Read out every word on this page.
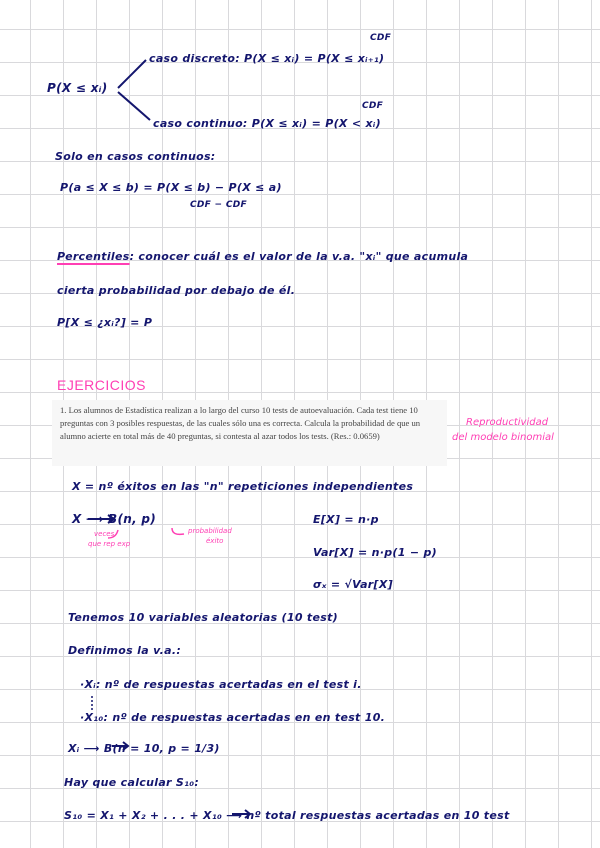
CDF
P(X ≤ xᵢ)
caso discreto: P(X ≤ xᵢ) = P(X ≤ xᵢ₊₁)
CDF
caso continuo: P(X ≤ xᵢ) = P(X < xᵢ)
Solo en casos continuos:
P(a ≤ X ≤ b) = P(X ≤ b) − P(X ≤ a)
CDF − CDF
Percentiles: conocer cuál es el valor de la v.a. "xᵢ" que acumula
cierta probabilidad por debajo de él.
P[X ≤ ¿xᵢ?] = P
EJERCICIOS

1. Los alumnos de Estadística realizan a lo largo del curso 10 tests de autoevaluación. Cada test tiene 10 preguntas con 3 posibles respuestas, de las cuales sólo una es correcta. Calcula la probabilidad de que un alumno acierte en total más de 40 preguntas, si contesta al azar todos los tests. (Res.: 0.0659)

Reproductividad
del modelo binomial
X = nº éxitos en las "n" repeticiones independientes
X ⟶ B(n, p)
veces
que rep exp
probabilidad
éxito
E[X] = n·p
Var[X] = n·p(1 − p)
σₓ = √Var[X]
Tenemos 10 variables aleatorias (10 test)
Definimos la v.a.:
·Xᵢ: nº de respuestas acertadas en el test i.
·X₁₀: nº de respuestas acertadas en en test 10.
Xᵢ ⟶ B(n = 10, p = 1/3)
Hay que calcular S₁₀:
S₁₀ = X₁ + X₂ + . . . + X₁₀ ⟶ nº total respuestas acertadas en 10 test
